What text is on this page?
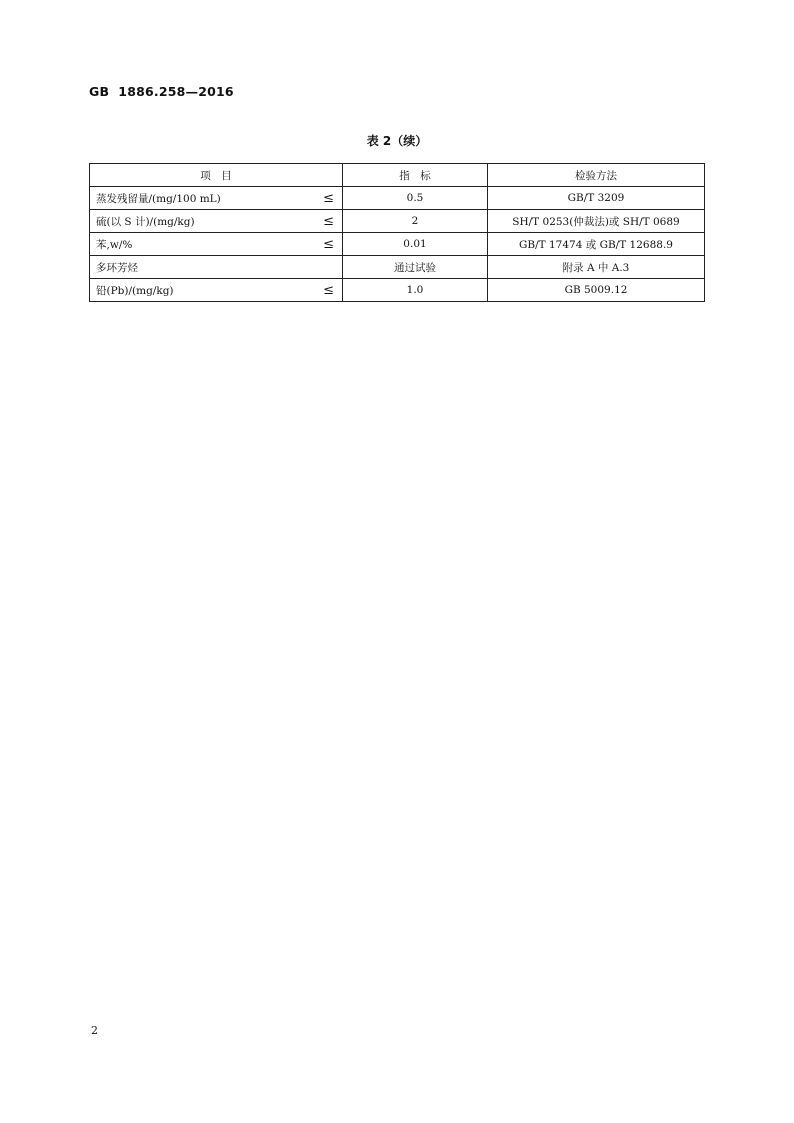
GB  1886.258—2016
表 2（续）
项　目	指　标	检验方法

蒸发残留量/(mg/100 mL) ≤	0.5	GB/T 3209

硫(以 S 计)/(mg/kg) ≤	2	SH/T 0253(仲裁法)或 SH/T 0689

苯,w/% ≤	0.01	GB/T 17474 或 GB/T 12688.9

多环芳烃	通过试验	附录 A 中 A.3

铅(Pb)/(mg/kg) ≤	1.0	GB 5009.12
2
